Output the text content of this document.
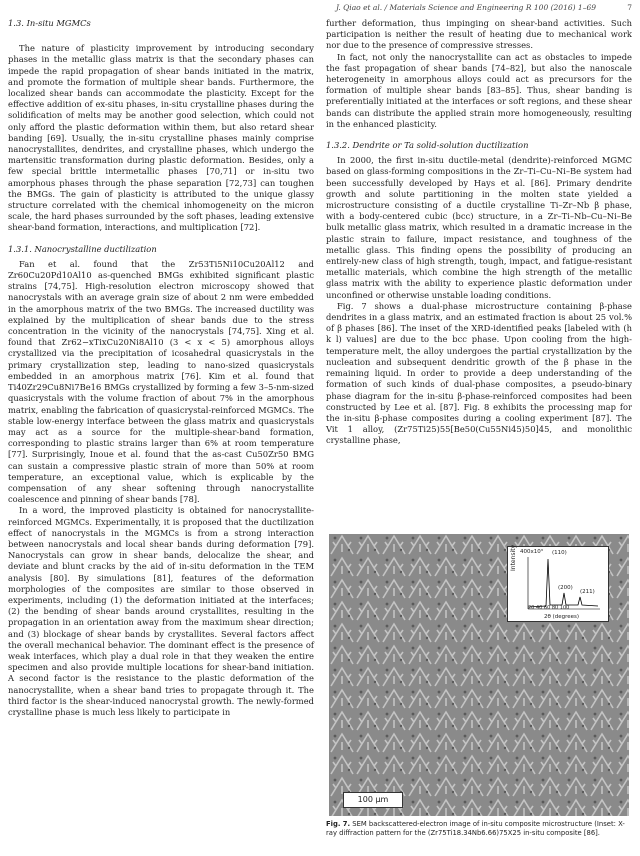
J. Qiao et al. / Materials Science and Engineering R 100 (2016) 1–69	7

1.3. In-situ MGMCs

The nature of plasticity improvement by introducing secondary phases in the metallic glass matrix is that the secondary phases can impede the rapid propagation of shear bands initiated in the matrix, and promote the formation of multiple shear bands. Furthermore, the localized shear bands can accommodate the plasticity. Except for the effective addition of ex-situ phases, in-situ crystalline phases during the solidification of melts may be another good selection, which could not only afford the plastic deformation within them, but also retard shear banding [69]. Usually, the in-situ crystalline phases mainly comprise nanocrystallites, dendrites, and crystalline phases, which undergo the martensitic transformation during plastic deformation. Besides, only a few special brittle intermetallic phases [70,71] or in-situ two amorphous phases through the phase separation [72,73] can toughen the BMGs. The gain of plasticity is attributed to the unique glassy structure correlated with the chemical inhomogeneity on the micron scale, the hard phases surrounded by the soft phases, leading extensive shear-band formation, interactions, and multiplication [72].

1.3.1. Nanocrystalline ductilization

Fan et al. found that the Zr53Ti5Ni10Cu20Al12 and Zr60Cu20Pd10Al10 as-quenched BMGs exhibited significant plastic strains [74,75]. High-resolution electron microscopy showed that nanocrystals with an average grain size of about 2 nm were embedded in the amorphous matrix of the two BMGs. The increased ductility was explained by the multiplication of shear bands due to the stress concentration in the vicinity of the nanocrystals [74,75]. Xing et al. found that Zr62−xTixCu20Ni8Al10 (3 < x < 5) amorphous alloys crystallized via the precipitation of icosahedral quasicrystals in the primary crystallization step, leading to nano-sized quasicrystals embedded in an amorphous matrix [76]. Kim et al. found that Ti40Zr29Cu8Ni7Be16 BMGs crystallized by forming a few 3–5-nm-sized quasicrystals with the volume fraction of about 7% in the amorphous matrix, enabling the fabrication of quasicrystal-reinforced MGMCs. The stable low-energy interface between the glass matrix and quasicrystals may act as a source for the multiple-shear-band formation, corresponding to plastic strains larger than 6% at room temperature [77]. Surprisingly, Inoue et al. found that the as-cast Cu50Zr50 BMG can sustain a compressive plastic strain of more than 50% at room temperature, an exceptional value, which is explicable by the compensation of any shear softening through nanocrystallite coalescence and pinning of shear bands [78].

In a word, the improved plasticity is obtained for nanocrystallite-reinforced MGMCs. Experimentally, it is proposed that the ductilization effect of nanocrystals in the MGMCs is from a strong interaction between nanocrystals and local shear bands during deformation [79]. Nanocrystals can grow in shear bands, delocalize the shear, and deviate and blunt cracks by the aid of in-situ deformation in the TEM analysis [80]. By simulations [81], features of the deformation morphologies of the composites are similar to those observed in experiments, including (1) the deformation initiated at the interfaces; (2) the bending of shear bands around crystallites, resulting in the propagation in an orientation away from the maximum shear direction; and (3) blockage of shear bands by crystallites. Several factors affect the overall mechanical behavior. The dominant effect is the presence of weak interfaces, which play a dual role in that they weaken the entire specimen and also provide multiple locations for shear-band initiation. A second factor is the resistance to the plastic deformation of the nanocrystallite, when a shear band tries to propagate through it. The third factor is the shear-induced nanocrystal growth. The newly-formed crystalline phase is much less likely to participate in

further deformation, thus impinging on shear-band activities. Such participation is neither the result of heating due to mechanical work nor due to the presence of compressive stresses.

In fact, not only the nanocrystallite can act as obstacles to impede the fast propagation of shear bands [74–82], but also the nanoscale heterogeneity in amorphous alloys could act as precursors for the formation of multiple shear bands [83–85]. Thus, shear banding is preferentially initiated at the interfaces or soft regions, and these shear bands can distribute the applied strain more homogeneously, resulting in the enhanced plasticity.

1.3.2. Dendrite or Ta solid-solution ductilization

In 2000, the first in-situ ductile-metal (dendrite)-reinforced MGMC based on glass-forming compositions in the Zr–Ti–Cu–Ni–Be system had been successfully developed by Hays et al. [86]. Primary dendrite growth and solute partitioning in the molten state yielded a microstructure consisting of a ductile crystalline Ti–Zr–Nb β phase, with a body-centered cubic (bcc) structure, in a Zr–Ti–Nb–Cu–Ni–Be bulk metallic glass matrix, which resulted in a dramatic increase in the plastic strain to failure, impact resistance, and toughness of the metallic glass. This finding opens the possibility of producing an entirely-new class of high strength, tough, impact, and fatigue-resistant metallic materials, which combine the high strength of the metallic glass matrix with the ability to experience plastic deformation under unconfined or otherwise unstable loading conditions.

Fig. 7 shows a dual-phase microstructure containing β-phase dendrites in a glass matrix, and an estimated fraction is about 25 vol.% of β phases [86]. The inset of the XRD-identified peaks [labeled with (h k l) values] are due to the bcc phase. Upon cooling from the high-temperature melt, the alloy undergoes the partial crystallization by the nucleation and subsequent dendritic growth of the β phase in the remaining liquid. In order to provide a deep understanding of the formation of such kinds of dual-phase composites, a pseudo-binary phase diagram for the in-situ β-phase-reinforced composites had been constructed by Lee et al. [87]. Fig. 8 exhibits the processing map for the in-situ β-phase composites during a cooling experiment [87]. The Vit 1 alloy, (Zr75Ti25)55[Be50(Cu55Ni45)50]45, and monolithic crystalline phase,

400x10³
Intensity	(110)
(200)
(211)
20 40 60 80 100
2θ (degrees)
100 μm
Fig. 7. SEM backscattered-electron image of in-situ composite microstructure (Inset: X-ray diffraction pattern for the (Zr75Ti18.34Nb6.66)75X25 in-situ composite [86].
